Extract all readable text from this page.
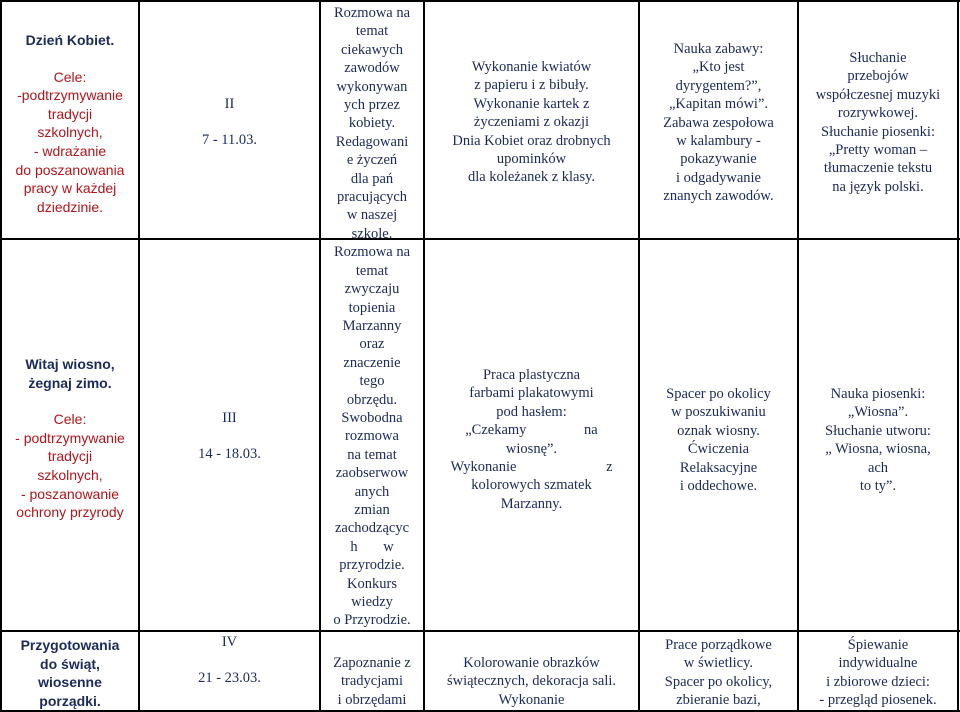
Dzień Kobiet.
Cele:
-podtrzymywanie
tradycji
szkolnych,
- wdrażanie
do poszanowania
pracy w każdej
dziedzinie.
II
7 - 11.03.
Rozmowa na
temat
ciekawych
zawodów
wykonywan
ych przez
kobiety.
Redagowani
e życzeń
dla pań
pracujących
w naszej
szkole.
Rozmowa na
temat
zwyczaju
topienia
Marzanny
oraz
znaczenie
tego
obrzędu.
Swobodna
rozmowa
na temat
zaobserwow
anych
zmian
zachodzącyc
h w
przyrodzie.
Konkurs
wiedzy
o Przyrodzie.
Wykonanie kwiatów
z papieru i z bibuły.
Wykonanie kartek z
życzeniami z okazji
Dnia Kobiet oraz drobnych
upominków
dla koleżanek z klasy.
Nauka zabawy:
„Kto jest
dyrygentem?”,
„Kapitan mówi”.
Zabawa zespołowa
w kalambury -
pokazywanie
i odgadywanie
znanych zawodów.
Słuchanie
przebojów
współczesnej muzyki
rozrywkowej.
Słuchanie piosenki:
„Pretty woman –
tłumaczenie tekstu
na język polski.
Witaj wiosno,
żegnaj zimo.
Cele:
- podtrzymywanie
tradycji
szkolnych,
- poszanowanie
ochrony przyrody
III
14 - 18.03.
Praca plastyczna
farbami plakatowymi
pod hasłem:
„Czekamy na
wiosnę”.
Wykonanie z
kolorowych szmatek
Marzanny.
Spacer po okolicy
w poszukiwaniu
oznak wiosny.
Ćwiczenia
Relaksacyjne
i oddechowe.
Nauka piosenki:
„Wiosna”.
Słuchanie utworu:
„ Wiosna, wiosna,
ach
to ty”.
Przygotowania
do świąt,
wiosenne
porządki.
IV
21 - 23.03.
Zapoznanie z
tradycjami
i obrzędami
Kolorowanie obrazków
świątecznych, dekoracja sali.
Wykonanie
Prace porządkowe
w świetlicy.
Spacer po okolicy,
zbieranie bazi,
Śpiewanie
indywidualne
i zbiorowe dzieci:
- przegląd piosenek.
